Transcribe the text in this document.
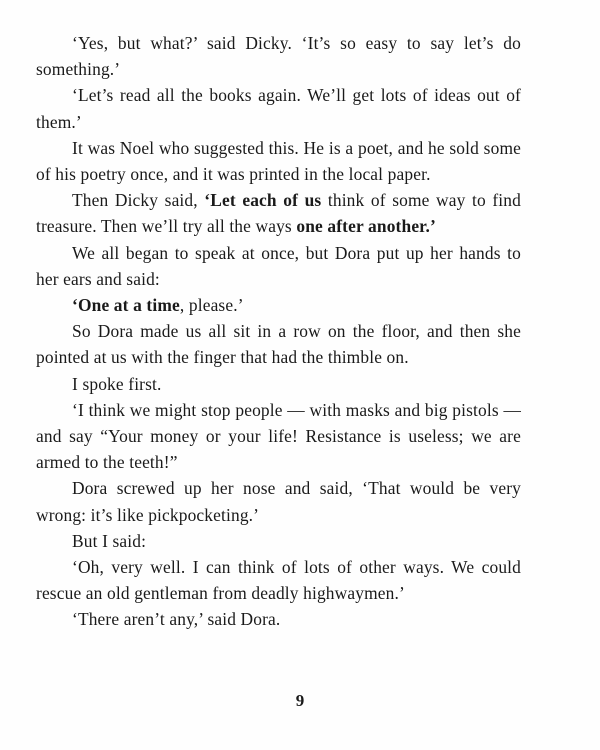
‘Yes, but what?’ said Dicky. ‘It’s so easy to say let’s do something.’

‘Let’s read all the books again. We’ll get lots of ideas out of them.’

It was Noel who suggested this. He is a poet, and he sold some of his poetry once, and it was printed in the local paper.

Then Dicky said, ‘Let each of us think of some way to find treasure. Then we’ll try all the ways one after another.’

We all began to speak at once, but Dora put up her hands to her ears and said:

‘One at a time, please.’

So Dora made us all sit in a row on the floor, and then she pointed at us with the finger that had the thimble on.

I spoke first.

‘I think we might stop people — with masks and big pistols — and say “Your money or your life! Resistance is useless; we are armed to the teeth!”

Dora screwed up her nose and said, ‘That would be very wrong: it’s like pickpocketing.’

But I said:

‘Oh, very well. I can think of lots of other ways. We could rescue an old gentleman from deadly highwaymen.’

‘There aren’t any,’ said Dora.

9
